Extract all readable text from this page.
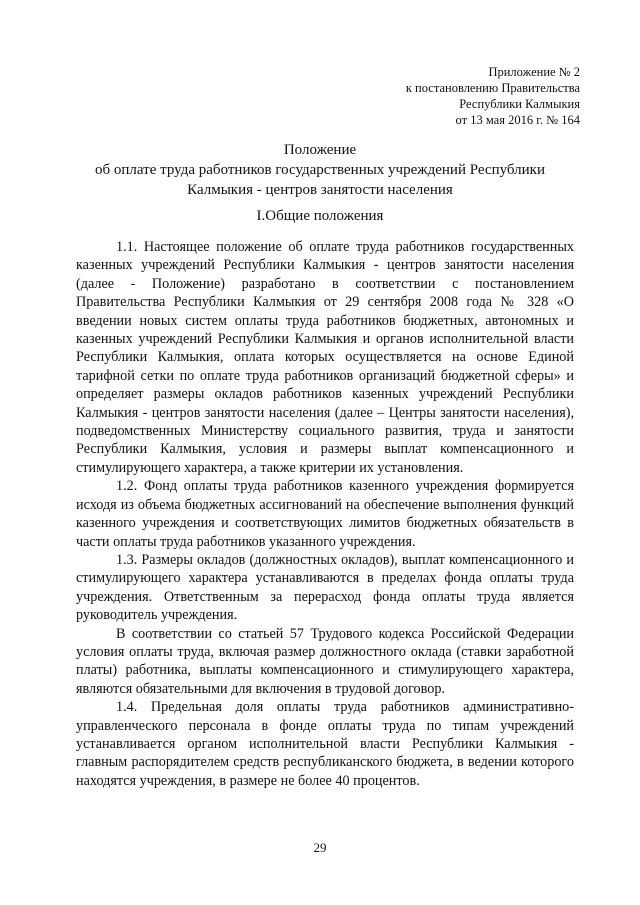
Приложение № 2
к постановлению Правительства
Республики Калмыкия
от 13 мая 2016 г. № 164
Положение
об оплате труда работников государственных учреждений Республики
Калмыкия - центров занятости населения
I.Общие положения

1.1. Настоящее положение об оплате труда работников государственных казенных учреждений Республики Калмыкия - центров занятости населения (далее - Положение) разработано в соответствии с постановлением Правительства Республики Калмыкия от 29 сентября 2008 года № 328 «О введении новых систем оплаты труда работников бюджетных, автономных и казенных учреждений Республики Калмыкия и органов исполнительной власти Республики Калмыкия, оплата которых осуществляется на основе Единой тарифной сетки по оплате труда работников организаций бюджетной сферы» и определяет размеры окладов работников казенных учреждений Республики Калмыкия - центров занятости населения (далее – Центры занятости населения), подведомственных Министерству социального развития, труда и занятости Республики Калмыкия, условия и размеры выплат компенсационного и стимулирующего характера, а также критерии их установления.

1.2. Фонд оплаты труда работников казенного учреждения формируется исходя из объема бюджетных ассигнований на обеспечение выполнения функций казенного учреждения и соответствующих лимитов бюджетных обязательств в части оплаты труда работников указанного учреждения.

1.3. Размеры окладов (должностных окладов), выплат компенсационного и стимулирующего характера устанавливаются в пределах фонда оплаты труда учреждения. Ответственным за перерасход фонда оплаты труда является руководитель учреждения.

В соответствии со статьей 57 Трудового кодекса Российской Федерации условия оплаты труда, включая размер должностного оклада (ставки заработной платы) работника, выплаты компенсационного и стимулирующего характера, являются обязательными для включения в трудовой договор.

1.4. Предельная доля оплаты труда работников административно-управленческого персонала в фонде оплаты труда по типам учреждений устанавливается органом исполнительной власти Республики Калмыкия - главным распорядителем средств республиканского бюджета, в ведении которого находятся учреждения, в размере не более 40 процентов.

29
